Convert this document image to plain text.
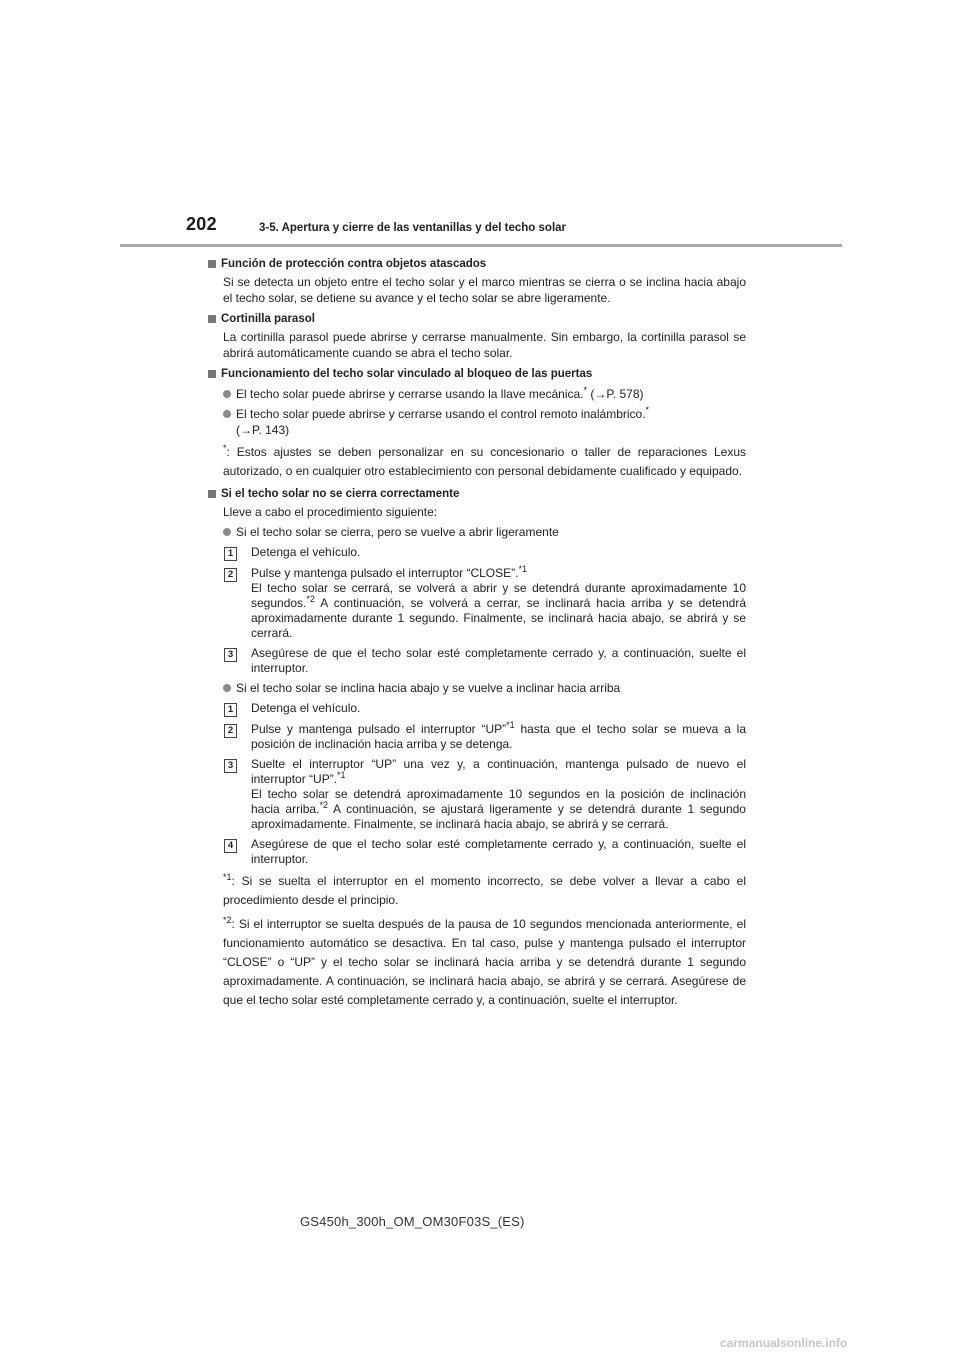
202	3-5. Apertura y cierre de las ventanillas y del techo solar
Función de protección contra objetos atascados
Si se detecta un objeto entre el techo solar y el marco mientras se cierra o se inclina hacia abajo el techo solar, se detiene su avance y el techo solar se abre ligeramente.
Cortinilla parasol
La cortinilla parasol puede abrirse y cerrarse manualmente. Sin embargo, la cortinilla parasol se abrirá automáticamente cuando se abra el techo solar.
Funcionamiento del techo solar vinculado al bloqueo de las puertas
El techo solar puede abrirse y cerrarse usando la llave mecánica.* (→P. 578)
El techo solar puede abrirse y cerrarse usando el control remoto inalámbrico.*
(→P. 143)
*: Estos ajustes se deben personalizar en su concesionario o taller de reparaciones Lexus autorizado, o en cualquier otro establecimiento con personal debidamente cualificado y equipado.
Si el techo solar no se cierra correctamente
Lleve a cabo el procedimiento siguiente:
Si el techo solar se cierra, pero se vuelve a abrir ligeramente
1	Detenga el vehículo.
2	Pulse y mantenga pulsado el interruptor “CLOSE”.$^{*1}$
El techo solar se cerrará, se volverá a abrir y se detendrá durante aproximadamente 10 segundos.$^{*2}$ A continuación, se volverá a cerrar, se inclinará hacia arriba y se detendrá aproximadamente durante 1 segundo. Finalmente, se inclinará hacia abajo, se abrirá y se cerrará.
3	Asegúrese de que el techo solar esté completamente cerrado y, a continuación, suelte el interruptor.
Si el techo solar se inclina hacia abajo y se vuelve a inclinar hacia arriba
1	Detenga el vehículo.
2	Pulse y mantenga pulsado el interruptor “UP”$^{*1}$ hasta que el techo solar se mueva a la posición de inclinación hacia arriba y se detenga.
3	Suelte el interruptor “UP” una vez y, a continuación, mantenga pulsado de nuevo el interruptor “UP”.$^{*1}$
El techo solar se detendrá aproximadamente 10 segundos en la posición de inclinación hacia arriba.$^{*2}$ A continuación, se ajustará ligeramente y se detendrá durante 1 segundo aproximadamente. Finalmente, se inclinará hacia abajo, se abrirá y se cerrará.
4	Asegúrese de que el techo solar esté completamente cerrado y, a continuación, suelte el interruptor.
$^{*1}$: Si se suelta el interruptor en el momento incorrecto, se debe volver a llevar a cabo el procedimiento desde el principio.
$^{*2}$: Si el interruptor se suelta después de la pausa de 10 segundos mencionada anteriormente, el funcionamiento automático se desactiva. En tal caso, pulse y mantenga pulsado el interruptor “CLOSE” o “UP” y el techo solar se inclinará hacia arriba y se detendrá durante 1 segundo aproximadamente. A continuación, se inclinará hacia abajo, se abrirá y se cerrará. Asegúrese de que el techo solar esté completamente cerrado y, a continuación, suelte el interruptor.
GS450h_300h_OM_OM30F03S_(ES)
carmanualsonline.info
